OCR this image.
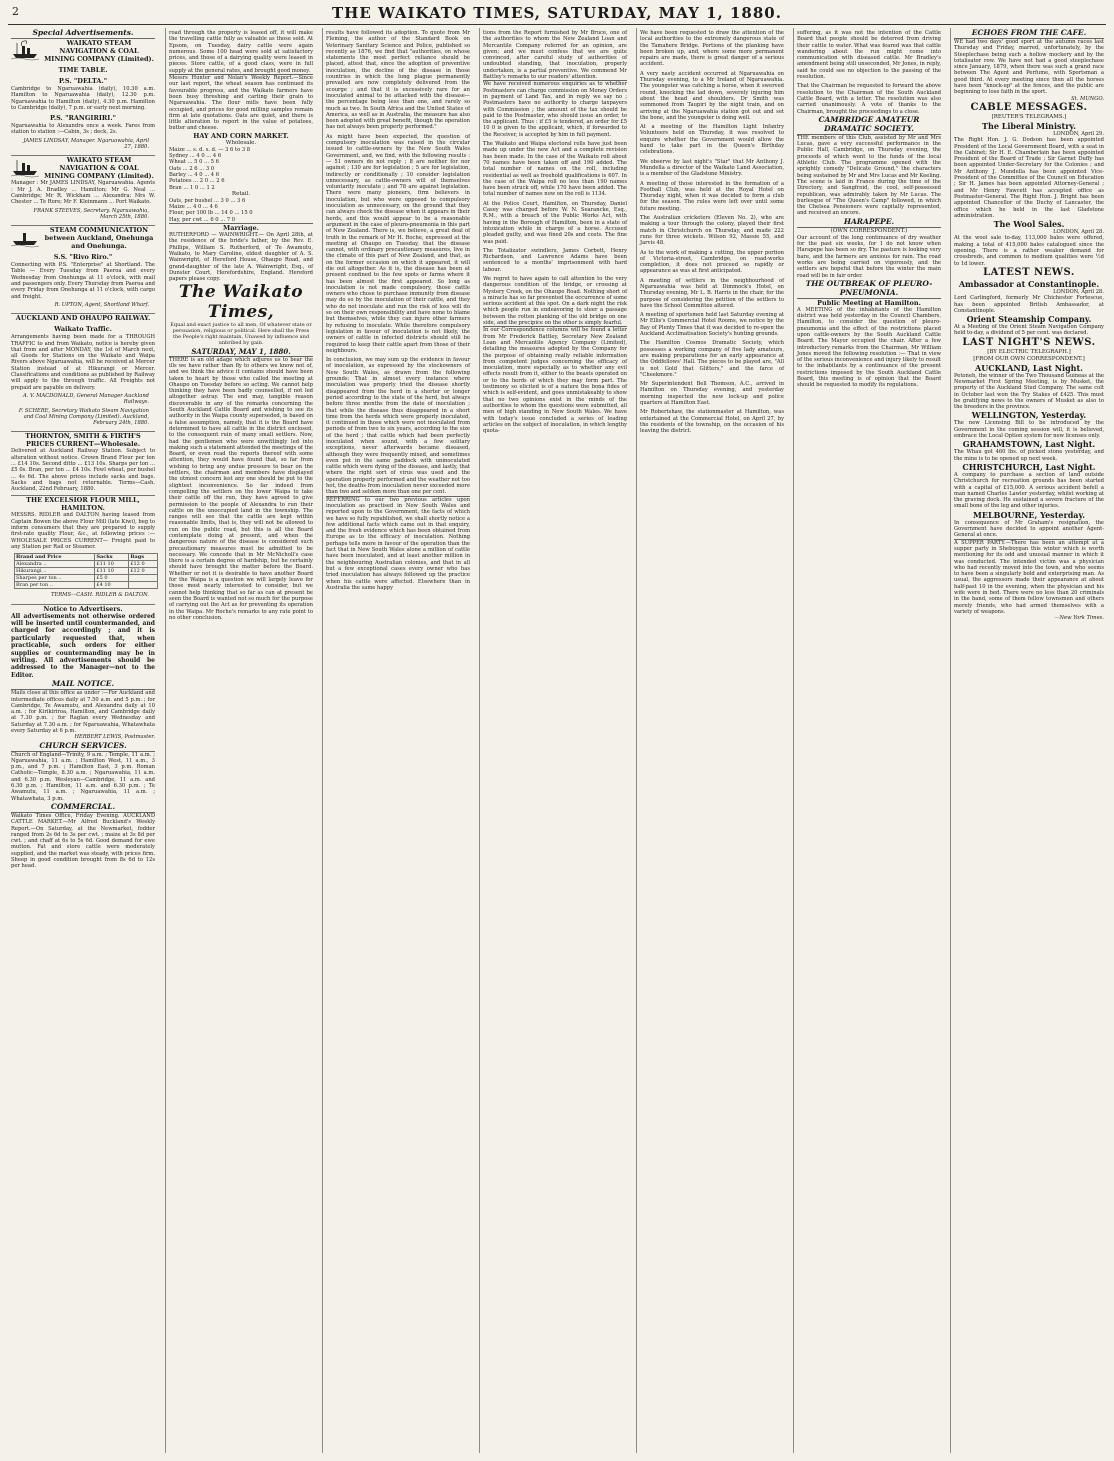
2	THE WAIKATO TIMES, SATURDAY, MAY 1, 1880.
Special Advertisements.
WAIKATO STEAM NAVIGATION & COAL MINING COMPANY (Limited).
TIME TABLE.
P.S. "DELTA."
Cambridge to Ngaruawahia (daily), 10.30 a.m. Hamilton to Ngaruawahia (daily), 12.30 p.m. Ngaruawahia to Hamilton (daily), 4.30 p.m. Hamilton to Cambridge (daily), 7 p.m. or early next morning.
P.S. "RANGIRIRI."
Ngaruawahia to Alexandra once a week. Fares from station to station :—Cabin, 3s ; deck, 2s.
JAMES LINDSAY, Manager. Ngaruawahia, April 27, 1880.
WAIKATO STEAM NAVIGATION & COAL MINING COMPANY (Limited).
Manager : Mr JAMES LINDSAY, Ngaruawahia. Agents : Mr J. A. Bradley ... Hamilton; Mr G. Neal ... Cambridge; Mr R. Wickham ... Alexandra; Mrs W. Chester ... Te Rore; Mr F. Kleinmann ... Port Waikato.
FRANK STEEVES, Secretary. Ngaruawahia, March 25th, 1880.
STEAM COMMUNICATION between Auckland, Onehunga and Onehunga.
S.S. "Rivo Riro."
Connecting with P.S. "Enterprise" at Shortland. The Table — Every Tuesday from Paeroa and every Wednesday from Onehunga at 11 o'clock, with mail and passengers only. Every Thursday from Paeroa and every Friday from Onehunga at 11 o'clock, with cargo and freight.
R. UPTON, Agent, Shortland Wharf.
AUCKLAND AND OHAUPO RAILWAY.
Waikato Traffic.
Arrangements having been made for a THROUGH TRAFFIC to and from Waikato, notice is hereby given that from and after MONDAY, the 1st of March next, all Goods for Stations on the Waikato and Waipa Rivers above Ngaruawahia, will be received at Mercer Station instead of at Hikurangi or Mercer. Classifications and conditions as published by Railway will apply to the through traffic. All Freights not prepaid are payable on delivery.
A. V. MACDONALD, General Manager Auckland Railways.
F. SCHERE, Secretary Waikato Steam Navigation and Coal Mining Company (Limited). Auckland, February 24th, 1880.
THORNTON, SMITH & FIRTH'S PRICES CURRENT—Wholesale.
Delivered at Auckland Railway Station. Subject to alteration without notice. Crown Brand Flour per ton ... £14 10s. Second ditto ... £13 10s. Sharps per ton ... £5 0s. Bran, per ton ... £4 10s. Fowl wheat, per bushel ... 4s 6d. The above prices include sacks and bags. Sacks and bags not returnable. Terms—Cash. Auckland, 22nd February, 1880.
THE EXCELSIOR FLOUR MILL, HAMILTON.
MESSRS. RIDLER and DALTON having leased from Captain Bowen the above Flour Mill (late Kiwi), beg to inform consumers that they are prepared to supply first-rate quality Flour, &c., at following prices :— WHOLESALE PRICES CURRENT— Freight paid to any Station per Rail or Steamer.
Brand and Price	Sacks	Bags
Alexandra ..	£11 10	£12 0
Hikurangi ..	£11 10	£12 0
Sharpes per ton ..	£5 0	
Bran per ton ..	£4 10	
TERMS—CASH. RIDLER & DALTON.
Notice to Advertisers.
All advertisements not otherwise ordered will be inserted until countermanded, and charged for accordingly ; and it is particularly requested that, when practicable, such orders for either supplies or countermanding may be in writing. All advertisements should be addressed to the Manager—not to the Editor.
MAIL NOTICE.
Mails close at this office as under :—For Auckland and intermediate offices daily at 7.50 a.m. and 5 p.m. ; for Cambridge, Te Awamutu, and Alexandra daily at 10 a.m. ; for Kirikiriroa, Hamilton, and Cambridge daily at 7.30 p.m. ; for Raglan every Wednesday and Saturday at 7.30 a.m. ; for Ngaruawahia, Whatawhata every Saturday at 6 p.m.
HERBERT LEWIS, Postmaster.
CHURCH SERVICES.
Church of England—Trinity, 9 a.m. ; Temple, 11 a.m. ; Ngaruawahia, 11 a.m. ; Hamilton West, 11 a.m., 3 p.m., and 7 p.m. ; Hamilton East, 3 p.m. Roman Catholic—Temple, 8.30 a.m. ; Ngaruawahia, 11 a.m. and 6.30 p.m. Wesleyan—Cambridge, 11 a.m. and 6.30 p.m. ; Hamilton, 11 a.m. and 6.30 p.m. ; Te Awamutu, 11 a.m. ; Ngaruawahia, 11 a.m. ; Whatawhata, 3 p.m.
COMMERCIAL.
Waikato Times Office, Friday Evening. AUCKLAND CATTLE MARKET.—Mr Alfred Buckland's Weekly Report.—On Saturday, at the Newmarket, fodder ranged from 2s 6d to 3s per cwt. ; maize at 3s 8d per cwt. ; and chaff at 6s to 5s 6d. Good demand for ewe mutton. Fat and store cattle were moderately supplied, and the market was steady, with prices firm. Sheep in good condition brought from 8s 6d to 12s per head.
road through the property is leased off, it will make the travelling cattle fully as valuable as those sold. At Epsom, on Tuesday, dairy cattle were again numerous. Some 100 head were sold at satisfactory prices, and those of a dairying quality were leased in pieces. Store cattle, of a good class, were in full supply at the general rates, and brought good money.
Messrs Hunter and Nolan's Weekly Report.—Since our last report, the wheat season has continued its favourable progress, and the Waikato farmers have been busy threshing and carting their grain to Ngaruawahia. The flour mills have been fully occupied, and prices for good milling samples remain firm at late quotations. Oats are quiet, and there is little alteration to report in the value of potatoes, butter and cheese.
HAY AND CORN MARKET.
Wholesale.
Maize ... s. d. s. d. — 3 6 to 3 8
Sydney ... 4 0 ... 4 6
Wheat ... 5 0 ... 5 6
Oats ... 2 6 ... 3 0
Barley ... 4 0 ... 4 6
Potatoes ... 2 0 ... 2 6
Bran ... 1 0 ... 1 2
Retail.
Oats, per bushel ... 3 0 ... 3 6
Maize ... 4 0 ... 4 6
Flour, per 100 lb ... 14 0 ... 15 0
Hay, per cwt ... 6 0 ... 7 0
Marriage.
RUTHERFORD — WAINWRIGHT.— On April 28th, at the residence of the bride's father, by the Rev. E. Phillips, William S. Rutherford, of Te Awamutu, Waikato, to Mary Caroline, eldest daughter of A. S. Wainwright, of Hereford House, Ohaupo Road, and grand-daughter of the late A. Wainwright, Esq., of Dunster Court, Herefordshire, England. Hereford papers please copy.
The Waikato Times,
Equal and exact justice to all men, Of whatever state or persuasion, religious or political. Here shall the Press the People's right maintain, Unawed by influence and unbribed by gain.
SATURDAY, MAY 1, 1880.
THERE is an old adage which adjures us to bear the ills we have rather than fly to others we know not of, and we think the advice it contains should have been taken to heart by those who called the meeting at Ohaupo on Tuesday before so acting. We cannot help thinking they have been badly counselled, if not led altogether astray. The end may, tangible reason discoverable in any of the remarks concerning the South Auckland Cattle Board and wishing to see its authority in the Waipa county superseded, is based on a false assumption, namely, that it is the Board have determined to have all cattle in the district enclosed, to the consequent ruin of many small settlers. Now, had the gentlemen who were unwittingly led into making such a statement attended the meetings of the Board, or even read the reports thereof with some attention, they would have found that, so far from wishing to bring any undue pressure to bear on the settlers, the chairman and members have displayed the utmost concern lest any one should be put to the slightest inconvenience. So far indeed from compelling the settlers on the lower Waipa to take their cattle off the run, they have agreed to give permission to the people of Alexandra to run their cattle on the unoccupied land in the township. The ranges will see that the cattle are kept within reasonable limits, that is, they will not be allowed to run on the public road, but this is all the Board contemplate doing at present, and when the dangerous nature of the disease is considered such precautionary measures must be admitted to be necessary. We concede that in Mr McNicholl's case there is a certain degree of hardship, but he certainly should have brought the matter before the Board. Whether or not it is desirable to have another Board for the Waipa is a question we will largely leave for those most nearly interested to consider, but we cannot help thinking that so far as can at present be seen the Board is wanted not so much for the purpose of carrying out the Act as for preventing its operation in the Waipa. Mr Roche's remarks to any rate point to no other conclusion.
results have followed its adoption. To quote from Mr Fleming, the author of the Standard Book on Veterinary Sanitary Science and Police, published so recently as 1876, we find that "authorities, on whose statements the most perfect reliance should be placed, attest that, since the adoption of preventive inoculation, the decline of the disease in those countries in which the lung plague permanently prevailed are now completely delivered from the scourge ; and that it is excessively rare for an inoculated animal to be attacked with the disease—the percentage being less than one, and rarely so much as two. In South Africa and the United States of America, as well as in Australia, the measure has also been adopted with great benefit, though the operation has not always been properly performed."

As might have been expected, the question of compulsory inoculation was raised in the circular issued to cattle-owners by the New South Wales Government, and, we find, with the following results :— 51 owners do not reply ; 8 are neither for nor against ; 130 are for legislation ; 5 are for legislation, indirectly or conditionally ; 10 consider legislation unnecessary, as cattle-owners will of themselves voluntarily inoculate ; and 78 are against legislation. There were many pioneers, firm believers in inoculation, but who were opposed to compulsory inoculation as unnecessary, on the ground that they can always check the disease when it appears in their herds, and this would appear to be a reasonable argument in the case of pleuro-pneumonia in this part of New Zealand. There is, we believe, a great deal of truth in the remark of Mr H. Roche, expressed at the meeting at Ohaupo on Tuesday, that the disease cannot, with ordinary precautionary measures, live in the climate of this part of New Zealand, and that, as on the former occasion on which it appeared, it will die out altogether. As it is, the disease has been at present confined to the few spots or farms where it has been almost the first appeared. So long as inoculation is not made compulsory, those cattle owners who chose to purchase immunity from disease may do so by the inoculation of their cattle, and they who do not inoculate and run the risk of loss will do so on their own responsibility and have none to blame but themselves, while they can injure other farmers by refusing to inoculate. While therefore compulsory legislation in favour of inoculation is not likely, the owners of cattle in infected districts should still be required to keep their cattle apart from those of their neighbours.

In conclusion, we may sum up the evidence in favour of inoculation, as expressed by the stockowners of New South Wales, as drawn from the following grounds: That in almost every instance where inoculation was properly tried the disease shortly disappeared from the herd in a shorter or longer period according to the state of the herd, but always before three months from the date of inoculation ; that while the disease thus disappeared in a short time from the herds which were properly inoculated, it continued in those which were not inoculated from periods of from two to six years, according to the size of the herd ; that cattle which had been perfectly inoculated when sound, with a few solitary exceptions, never afterwards became diseased, although they were frequently mixed, and sometimes even put in the same paddock with uninoculated cattle which were dying of the disease, and lastly, that where the right sort of virus was used and the operation properly performed and the weather not too hot, the deaths from inoculation never exceeded more than two and seldom more than one per cent.
REFERRING to our two previous articles upon inoculation as practised in New South Wales and reported upon to the Government, the facts of which we have so fully republished, we shall shortly notice a few additional facts which came out in that enquiry, and the fresh evidence which has been obtained from Europe as to the efficacy of inoculation. Nothing perhaps tells more in favour of the operation than the fact that in New South Wales alone a million of cattle have been inoculated, and at least another million in the neighbouring Australian colonies, and that in all but a few exceptional cases every owner who has tried inoculation has always followed up the practice when his cattle were affected. Elsewhere than in Australia the same happy
tions from the Report furnished by Mr Bruce, one of the authorities to whom the New Zealand Loan and Mercantile Company referred for an opinion, are given; and we must confess that we are quite convinced, after careful study of authorities of undoubted standing, that inoculation, properly undertaken, is a partial preventive. We commend Mr Battley's remarks to our readers' attention.
We have received numerous enquiries as to whether Postmasters can charge commission on Money Orders in payment of Land Tax, and in reply we say no ; Postmasters have no authority to charge taxpayers with Commission ; the amount of the tax should be paid to the Postmaster, who should issue an order, to the applicant. Thus : if £5 is tendered, an order for £5 10 0 is given to the applicant, which, if forwarded to the Receiver, is accepted by him in full payment.

The Waikato and Waipa electoral rolls have just been made up under the new Act and a complete revision has been made. In the case of the Waikato roll about 70 names have been taken off and 190 added. The total number of names on the roll, including residential as well as freehold qualifications is 607. In the case of the Waipa roll no less than 190 names have been struck off, while 170 have been added. The total number of names now on the roll is 1134.

At the Police Court, Hamilton, on Thursday, Daniel Casey was charged before W. N. Searancke, Esq., R.M., with a breach of the Public Works Act, with having in the Borough of Hamilton, been in a state of intoxication while in charge of a horse. Accused pleaded guilty, and was fined 20s and costs. The fine was paid.

The Totalizator swindlers, James Corbett, Henry Richardson, and Lawrence Adams have been sentenced to a months' imprisonment with hard labour.

We regret to have again to call attention to the very dangerous condition of the bridge, or crossing at Mystery Creek, on the Ohaupo Road. Nothing short of a miracle has so far prevented the occurrence of some serious accident at this spot. On a dark night the risk which people run in endeavoring to steer a passage between the rotten planking of the old bridge on one side, and the precipice on the other is simply fearful.
In our Correspondence columns will be found a letter from Mr Frederick Battley, Secretary New Zealand Loan and Mercantile Agency Company (Limited), detailing the measures adopted by the Company for the purpose of obtaining really reliable information from competent judges concerning the efficacy of inoculation, more especially as to whether any evil effects result from it, either to the beasts operated on or to the herds of which they may form part. The testimony so elicited is of a nature the bona fides of which is self-evident, and goes unmistakeably to show that no two opinions exist in the minds of the authorities to whom the questions were submitted, all men of high standing in New South Wales. We have with today's issue concluded a series of leading articles on the subject of inoculation, in which lengthy quota-
We have been requested to draw the attention of the local authorities to the extremely dangerous state of the Tamahere Bridge. Portions of the planking have been broken up, and, where some more permanent repairs are made, there is great danger of a serious accident.

A very nasty accident occurred at Ngaruawahia on Thursday evening, to a Mr Ireland of Ngaruawahia. The youngster was catching a horse, when it swerved round, knocking the lad down, severely injuring him about the head and shoulders. Dr Smith was summoned from Taupiri by the night train, and on arriving at the Ngaruawahia station got out and set the bone, and the youngster is doing well.

At a meeting of the Hamilton Light Infantry Volunteers held on Thursday, it was resolved to enquire whether the Government would allow the band to take part in the Queen's Birthday celebrations.

We observe by last night's "Star" that Mr Anthony J. Mundella a director of the Waikato Land Association, is a member of the Gladstone Ministry.

A meeting of those interested in the formation of a Football Club, was held at the Royal Hotel on Thursday night, when it was decided to form a club for the season. The rules were left over until some future meeting.

The Australian cricketers (Eleven No. 2), who are making a tour through the colony, played their first match in Christchurch on Thursday, and made 222 runs for three wickets. Wilson 92, Massie 55, and Jarvis 48.

As to the work of making a cutting, the upper portion of Victoria-street, Cambridge, on road-works completion, it does not proceed so rapidly or appearance as was at first anticipated.

A meeting of settlers in the neighbourhood of Ngaruawahia was held at Dimmock's Hotel, on Thursday evening, Mr L. B. Harris in the chair, for the purpose of considering the petition of the settlers to have the School Committee altered.

A meeting of sportsmen held last Saturday evening at Mr Ellis's Commercial Hotel Rooms, we notice by the Bay of Plenty Times that it was decided to re-open the Auckland Acclimatisation Society's hunting grounds.

The Hamilton Cosmos Dramatic Society, which possesses a working company of five lady amateurs, are making preparations for an early appearance at the Oddfellows' Hall. The pieces to be played are, "All is not Gold that Glitters," and the farce of "Cheekmore."

Mr Superintendent Bell Thomson, A.C., arrived in Hamilton on Thursday evening, and yesterday morning inspected the new lock-up and police quarters at Hamilton East.

Mr Robertshaw, the stationmaster at Hamilton, was entertained at the Commercial Hotel, on April 27, by the residents of the township, on the occasion of his leaving the district.
suffering, as it was not the intention of the Cattle Board that people should be deterred from driving their cattle to water. What was feared was that cattle wandering about the run might come into communication with diseased cattle. Mr Bradley's amendment being still unseconded, Mr Jones, in reply, said he could see no objection to the passing of the resolution.

That the Chairman be requested to forward the above resolution to the Chairman of the South Auckland Cattle Board, with a letter. The resolution was also carried unanimously. A vote of thanks to the Chairman, brought the proceedings to a close.
CAMBRIDGE AMATEUR DRAMATIC SOCIETY.
THE members of this Club, assisted by Mr and Mrs Lucas, gave a very successful performance in the Public Hall, Cambridge, on Thursday evening, the proceeds of which went to the funds of the local Athletic Club. The programme opened with the sprightly comedy "Delicate Ground," the characters being sustained by Mr and Mrs Lucas and Mr Keeling. The scene is laid in France during the time of the Directory, and Sangfroid, the cool, self-possessed republican, was admirably taken by Mr Lucas. The burlesque of "The Queen's Camp" followed, in which the Chelsea Pensioners were capitally represented, and received an encore.
HARAPEPE.
(OWN CORRESPONDENT.)
Our account of the long continuance of dry weather for the past six weeks, for I do not know when Harapepe has been so dry. The pasture is looking very bare, and the farmers are anxious for rain. The road works are being carried on vigorously, and the settlers are hopeful that before the winter the main road will be in fair order.
THE OUTBREAK OF PLEURO-PNEUMONIA.
Public Meeting at Hamilton.
A MEETING of the inhabitants of the Hamilton district was held yesterday in the Council Chambers, Hamilton, to consider the question of pleuro-pneumonia and the effect of the restrictions placed upon cattle-owners by the South Auckland Cattle Board. The Mayor occupied the chair. After a few introductory remarks from the Chairman, Mr William Jones moved the following resolution :— That in view of the serious inconvenience and injury likely to result to the inhabitants by a continuance of the present restrictions imposed by the South Auckland Cattle Board, this meeting is of opinion that the Board should be requested to modify its regulations.
ECHOES FROM THE CAFE.
WE had two days' good sport at the autumn races last Thursday and Friday, marred, unfortunately, by the Steeplechase being such a hollow mockery and by the totalisator row. We have not had a good steeplechase since January, 1879, when there was such a grand race between The Agent and Perfume, with Sportsman a good third. At every meeting since then all the horses have been "knock-up" at the fences, and the public are beginning to lose faith in the sport.
St. MUNGO.
CABLE MESSAGES.
[REUTER'S TELEGRAMS.]
The Liberal Ministry.
LONDON, April 29.
The Right Hon. J. G. Dodson has been appointed President of the Local Government Board, with a seat in the Cabinet; Sir H. E. Chamberlain has been appointed President of the Board of Trade ; Sir Garnet Duffy has been appointed Under-Secretary for the Colonies ; and Mr Anthony J. Mundella has been appointed Vice-President of the Committee of the Council on Education ; Sir H. James has been appointed Attorney-General ; and Mr Henry Fawcett has accepted office as Postmaster-General. The Right Hon. J. Bright has been appointed Chancellor of the Duchy of Lancaster, the office which he held in the last Gladstone administration.
The Wool Sales.
LONDON, April 28.
At the wool sale to-day, 113,000 bales were offered, making a total of 415,000 bales catalogued since the opening. There is a rather weaker demand for crossbreds, and common to medium qualities were ½d to 1d lower.
LATEST NEWS.
Ambassador at Constantinople.
LONDON, April 28.
Lord Carlingford, formerly Mr Chichester Fortescue, has been appointed British Ambassador, at Constantinople.
Orient Steamship Company.
At a Meeting of the Orient Steam Navigation Company held to-day, a dividend of 5 per cent. was declared.
LAST NIGHT'S NEWS.
[BY ELECTRIC TELEGRAPH.]
[FROM OUR OWN CORRESPONDENT.]
AUCKLAND, Last Night.
Petoneh, the winner of the Two Thousand Guineas at the Newmarket First Spring Meeting, is by Musket, the property of the Auckland Stud Company. The same colt in October last won the Try Stakes of £425. This must be gratifying news to the owners of Musket as also to the breeders in the province.
WELLINGTON, Yesterday.
The new Licensing Bill to be introduced by the Government in the coming session will, it is believed, embrace the Local Option system for new licenses only.
GRAHAMSTOWN, Last Night.
The Whau got 460 lbs. of picked stone yesterday, and the mine is to be opened up next week.
CHRISTCHURCH, Last Night.
A company to purchase a section of land outside Christchurch for recreation grounds has been started with a capital of £15,000. A serious accident befell a man named Charles Lawler yesterday, whilst working at the graving dock. He sustained a severe fracture of the small bone of the leg and other injuries.
MELBOURNE, Yesterday.
In consequence of Mr Graham's resignation, the Government have decided to appoint another Agent-General at once.
A SUPPER PARTY.—There has been an attempt at a supper party in Sheboygan this winter which is worth mentioning for its odd and unusual manner in which it was conducted. The intended victim was a physician who had recently moved into the town, and who seems to have been a singularly bold and enterprising man. As usual, the aggressors made their appearance at about half-past 10 in the evening, when the physician and his wife were in bed. There were no less than 20 criminals in the band, some of them fellow townsmen and others merely friends, who had armed themselves with a variety of weapons.
—New York Times.
